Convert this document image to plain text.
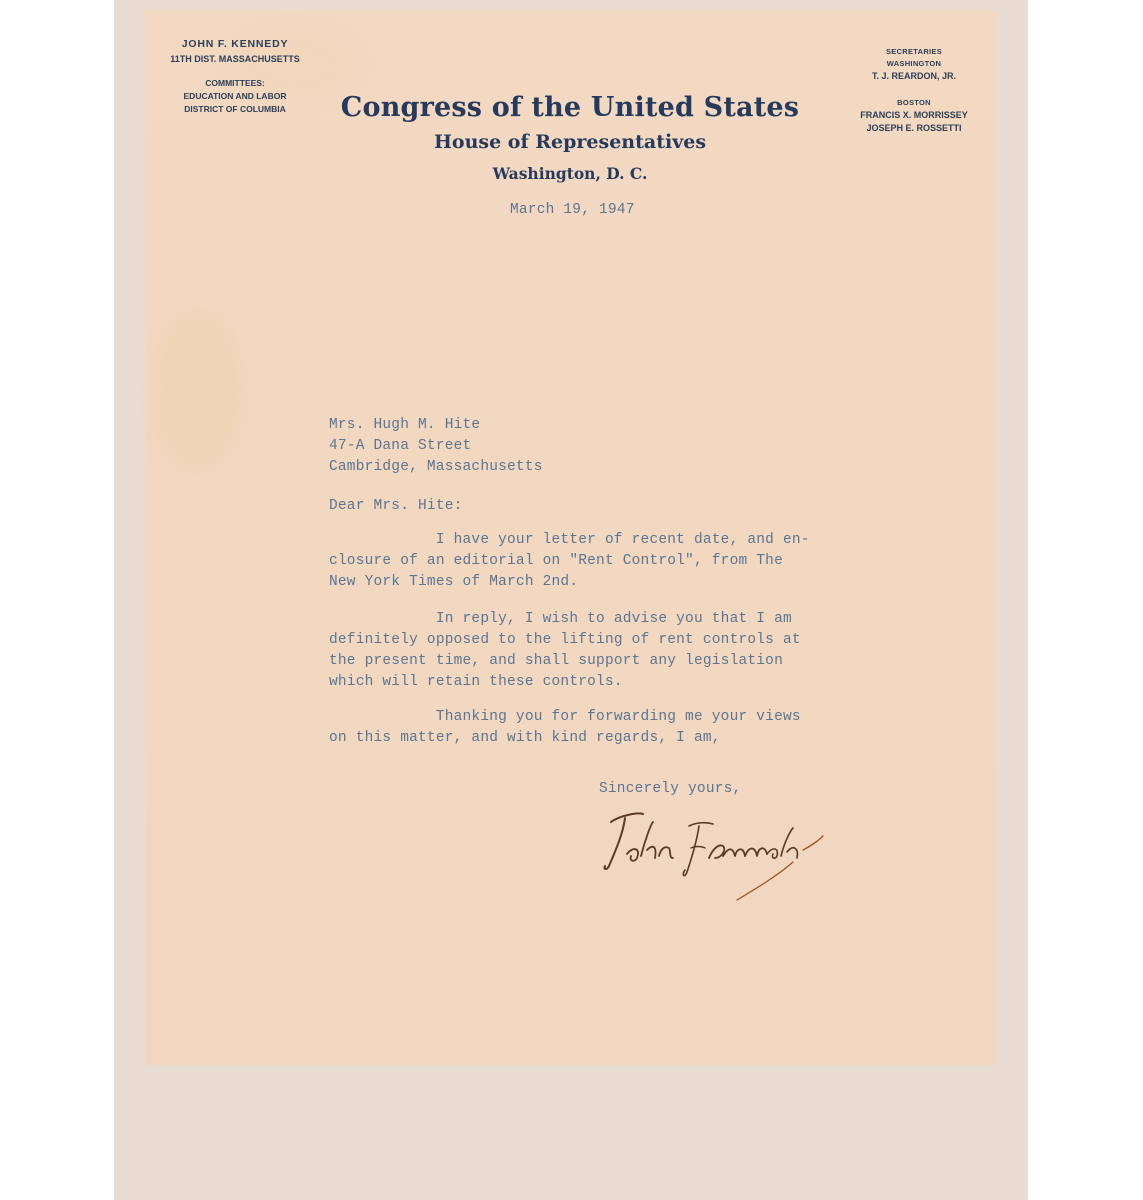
JOHN F. KENNEDY
11TH DIST. MASSACHUSETTS
COMMITTEES:
EDUCATION AND LABOR
DISTRICT OF COLUMBIA	Congress of the United States
House of Representatives
Washington, D. C.
SECRETARIES
WASHINGTON
T. J. REARDON, JR.
BOSTON
FRANCIS X. MORRISSEY
JOSEPH E. ROSSETTI
March 19, 1947
Mrs. Hugh M. Hite
47-A Dana Street
Cambridge, Massachusetts
Dear Mrs. Hite:
I have your letter of recent date, and en-
closure of an editorial on "Rent Control", from The
New York Times of March 2nd.
In reply, I wish to advise you that I am
definitely opposed to the lifting of rent controls at
the present time, and shall support any legislation
which will retain these controls.
Thanking you for forwarding me your views
on this matter, and with kind regards, I am,
Sincerely yours,
